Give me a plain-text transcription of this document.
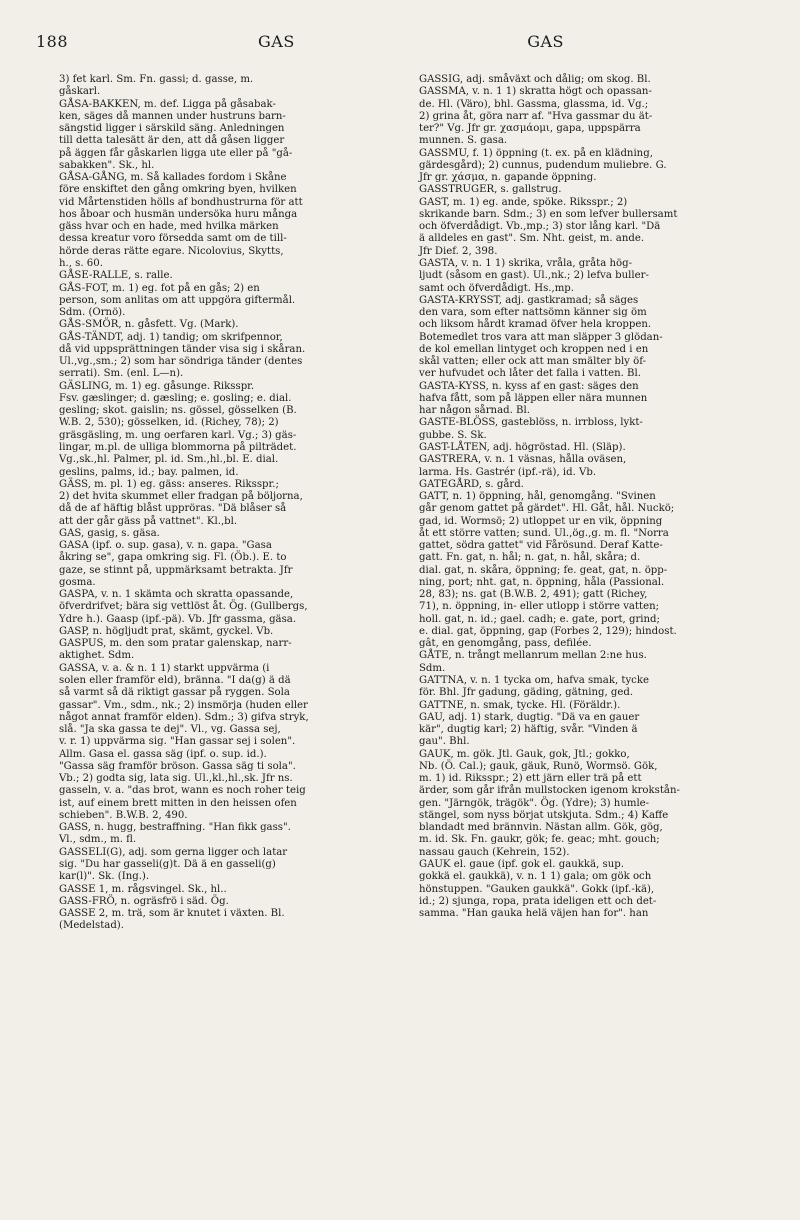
188	GAS	GAS
3) fet karl. Sm. Fn. gassi; d. gasse, m.
gåskarl.
GÅSA-BAKKEN, m. def. Ligga på gåsabak-
ken, säges då mannen under hustruns barn-
sängstid ligger i särskild säng. Anledningen
till detta talesätt är den, att då gåsen ligger
på äggen får gåskarlen ligga ute eller på "gå-
sabakken". Sk., hl.
GÅSA-GÅNG, m. Så kallades fordom i Skåne
före enskiftet den gång omkring byen, hvilken
vid Mårtenstiden hölls af bondhustrurna för att
hos åboar och husmän undersöka huru många
gäss hvar och en hade, med hvilka märken
dessa kreatur voro försedda samt om de till-
hörde deras rätte egare. Nicolovius, Skytts,
h., s. 60.
GÅSE-RALLE, s. ralle.
GÅS-FOT, m. 1) eg. fot på en gås; 2) en
person, som anlitas om att uppgöra giftermål.
Sdm. (Ornö).
GÅS-SMÖR, n. gåsfett. Vg. (Mark).
GÅS-TÄNDT, adj. 1) tandig; om skrifpennor,
då vid uppsprättningen tänder visa sig i skåran.
Ul.,vg.,sm.; 2) som har söndriga tänder (dentes
serrati). Sm. (enl. L—n).
GÄSLING, m. 1) eg. gåsunge. Riksspr.
Fsv. gæslinger; d. gæsling; e. gosling; e. dial.
gesling; skot. gaislin; ns. gössel, gösselken (B.
W.B. 2, 530); gösselken, id. (Richey, 78); 2)
gräsgäsling, m. ung oerfaren karl. Vg.; 3) gäs-
lingar, m.pl. de ulliga blommorna på pilträdet.
Vg.,sk.,hl. Palmer, pl. id. Sm.,hl.,bl. E. dial.
geslins, palms, id.; bay. palmen, id.
GÄSS, m. pl. 1) eg. gäss: anseres. Riksspr.;
2) det hvita skummet eller fradgan på böljorna,
då de af häftig blåst uppröras. "Dä blåser så
att der går gäss på vattnet". Kl.,bl.
GAS, gasig, s. gäsa.
GASA (ipf. o. sup. gasa), v. n. gapa. "Gasa
åkring se", gapa omkring sig. Fl. (Öb.). E. to
gaze, se stinnt på, uppmärksamt betrakta. Jfr
gosma.
GASPA, v. n. 1 skämta och skratta opassande,
öfverdrifvet; bära sig vettlöst åt. Ög. (Gullbergs,
Ydre h.). Gaasp (ipf.-pä). Vb. Jfr gassma, gäsa.
GASP, n. högljudt prat, skämt, gyckel. Vb.
GASPUS, m. den som pratar galenskap, narr-
aktighet. Sdm.
GASSA, v. a. & n. 1 1) starkt uppvärma (i
solen eller framför eld), bränna. "I da(g) ä dä
så varmt så dä riktigt gassar på ryggen. Sola
gassar". Vm., sdm., nk.; 2) insmörja (huden eller
något annat framför elden). Sdm.; 3) gifva stryk,
slå. "Ja ska gassa te dej". Vl., vg. Gassa sej,
v. r. 1) uppvärma sig. "Han gassar sej i solen".
Allm. Gasa el. gassa säg (ipf. o. sup. id.).
"Gassa säg framför bröson. Gassa säg ti sola".
Vb.; 2) godta sig, lata sig. Ul.,kl.,hl.,sk. Jfr ns.
gasseln, v. a. "das brot, wann es noch roher teig
ist, auf einem brett mitten in den heissen ofen
schieben". B.W.B. 2, 490.
GASS, n. hugg, bestraffning. "Han fikk gass".
Vl., sdm., m. fl.
GASSELI(G), adj. som gerna ligger och latar
sig. "Du har gasseli(g)t. Dä ä en gasseli(g)
kar(l)". Sk. (Ing.).
GASSE 1, m. rågsvingel. Sk., hl..
GASS-FRÖ, n. ogräsfrö i säd. Ög.
GASSE 2, m. trä, som är knutet i växten. Bl.
(Medelstad).
GASSIG, adj. småväxt och dålig; om skog. Bl.
GASSMA, v. n. 1 1) skratta högt och opassan-
de. Hl. (Väro), bhl. Gassma, glassma, id. Vg.;
2) grina åt, göra narr af. "Hva gassmar du ät-
ter?" Vg. Jfr gr. χασμάομι, gapa, uppspärra
munnen. S. gasa.
GASSMU, f. 1) öppning (t. ex. på en klädning,
gärdesgård); 2) cunnus, pudendum muliebre. G.
Jfr gr. χάσμα, n. gapande öppning.
GASSTRUGER, s. gallstrug.
GAST, m. 1) eg. ande, spöke. Riksspr.; 2)
skrikande barn. Sdm.; 3) en som lefver bullersamt
och öfverdådigt. Vb.,mp.; 3) stor lång karl. "Dä
ä alldeles en gast". Sm. Nht. geist, m. ande.
Jfr Dief. 2, 398.
GASTA, v. n. 1 1) skrika, vråla, gråta hög-
ljudt (såsom en gast). Ul.,nk.; 2) lefva buller-
samt och öfverdådigt. Hs.,mp.
GASTA-KRYSST, adj. gastkramad; så säges
den vara, som efter nattsömn känner sig öm
och liksom hårdt kramad öfver hela kroppen.
Botemedlet tros vara att man släpper 3 glödan-
de kol emellan lintyget och kroppen ned i en
skål vatten; eller ock att man smälter bly öf-
ver hufvudet och låter det falla i vatten. Bl.
GASTA-KYSS, n. kyss af en gast: säges den
hafva fått, som på läppen eller nära munnen
har någon sårnad. Bl.
GASTE-BLÖSS, gasteblöss, n. irrbloss, lykt-
gubbe. S. Sk.
GAST-LÅTEN, adj. högröstad. Hl. (Släp).
GASTRERA, v. n. 1 väsnas, hålla oväsen,
larma. Hs. Gastrér (ipf.-rä), id. Vb.
GATEGÅRD, s. gård.
GATT, n. 1) öppning, hål, genomgång. "Svinen
går genom gattet på gärdet". Hl. Gåt, hål. Nuckö;
gad, id. Wormsö; 2) utloppet ur en vik, öppning
åt ett större vatten; sund. Ul.,ög.,g. m. fl. "Norra
gattet, södra gattet" vid Fårösund. Deraf Katte-
gatt. Fn. gat, n. hål; n. gat, n. hål, skåra; d.
dial. gat, n. skåra, öppning; fe. geat, gat, n. öpp-
ning, port; nht. gat, n. öppning, håla (Passional.
28, 83); ns. gat (B.W.B. 2, 491); gatt (Richey,
71), n. öppning, in- eller utlopp i större vatten;
holl. gat, n. id.; gael. cadh; e. gate, port, grind;
e. dial. gat, öppning, gap (Forbes 2, 129); hindost.
gât, en genomgång, pass, defilée.
GÅTE, n. trångt mellanrum mellan 2:ne hus.
Sdm.
GATTNA, v. n. 1 tycka om, hafva smak, tycke
för. Bhl. Jfr gadung, gäding, gätning, ged.
GATTNE, n. smak, tycke. Hl. (Föräldr.).
GAU, adj. 1) stark, dugtig. "Dä va en gauer
kär", dugtig karl; 2) häftig, svår. "Vinden ä
gau". Bhl.
GAUK, m. gök. Jtl. Gauk, gok, Jtl.; gokko,
Nb. (Ö. Cal.); gauk, gäuk, Runö, Wormsö. Gök,
m. 1) id. Riksspr.; 2) ett järn eller trä på ett
ärder, som går ifrån mullstocken igenom krokstån-
gen. "Järngök, trägök". Ög. (Ydre); 3) humle-
stängel, som nyss börjat utskjuta. Sdm.; 4) Kaffe
blandadt med brännvin. Nästan allm. Gök, gög,
m. id. Sk. Fn. gaukr, gök; fe. geac; mht. gouch;
nassau gauch (Kehrein, 152).
GAUK el. gaue (ipf. gok el. gaukkä, sup.
gokkä el. gaukkä), v. n. 1 1) gala; om gök och
hönstuppen. "Gauken gaukkä". Gokk (ipf.-kä),
id.; 2) sjunga, ropa, prata ideligen ett och det-
samma. "Han gauka helä väjen han for". han
